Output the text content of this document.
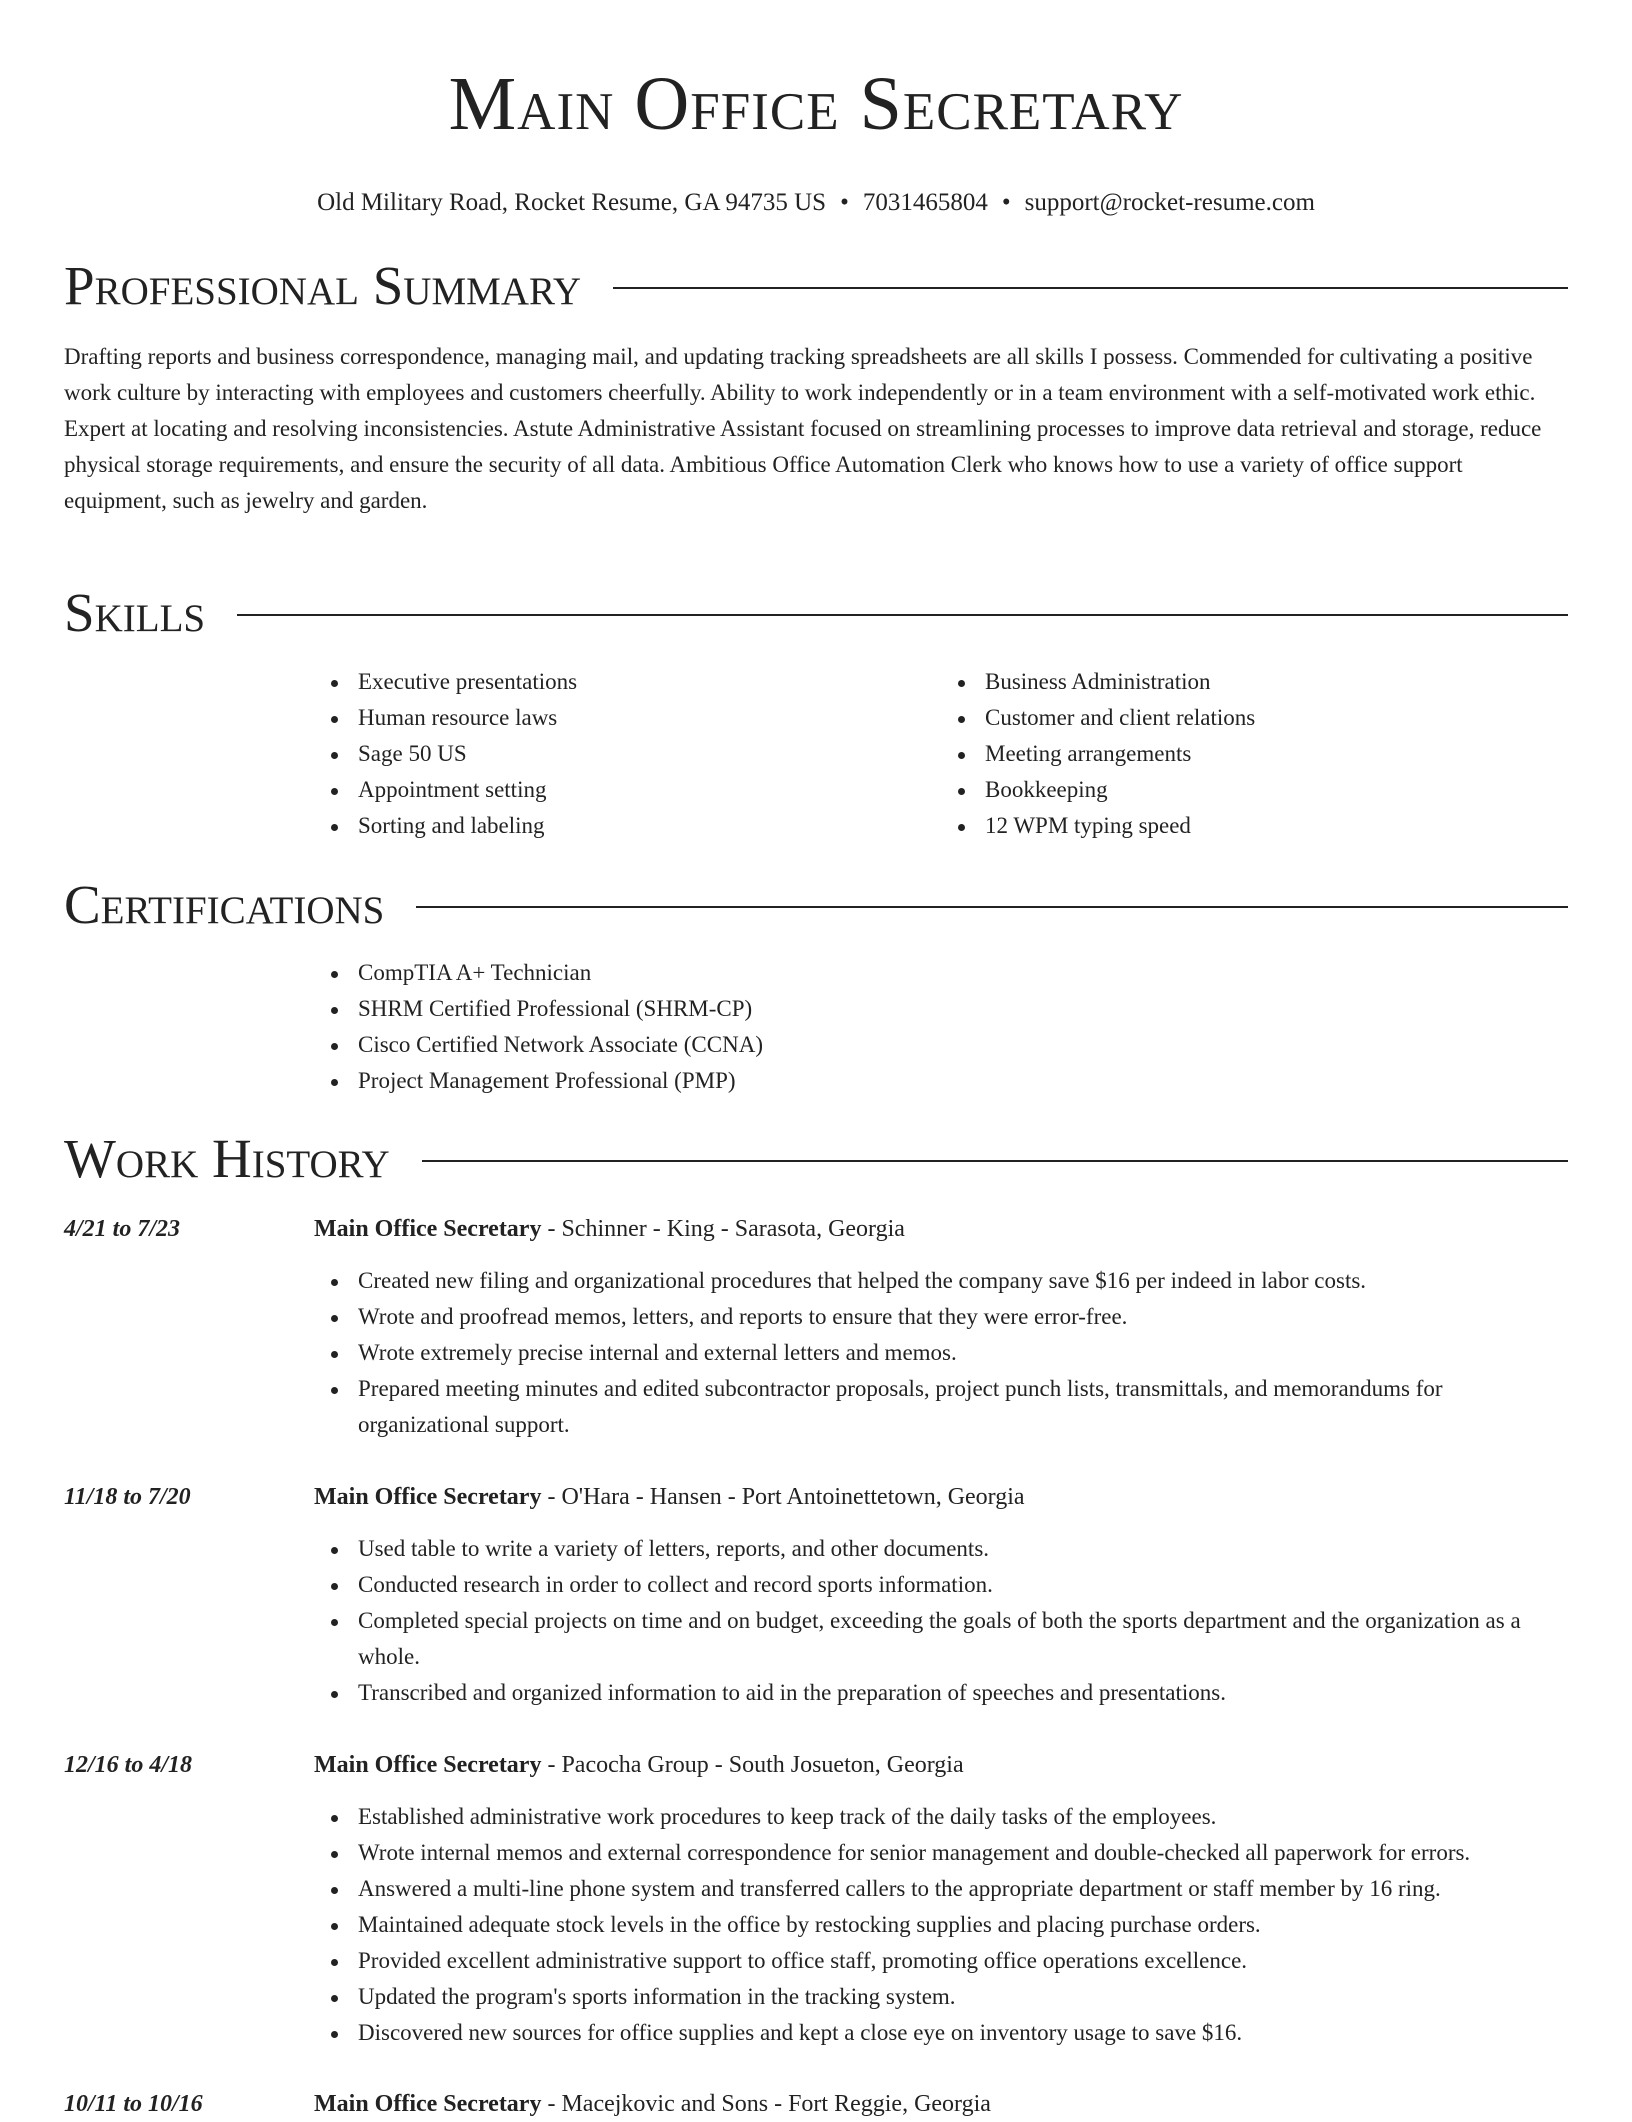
Main Office Secretary
Old Military Road, Rocket Resume, GA 94735 US • 7031465804 • support@rocket-resume.com
Professional Summary

Drafting reports and business correspondence, managing mail, and updating tracking spreadsheets are all skills I possess. Commended for cultivating a positive work culture by interacting with employees and customers cheerfully. Ability to work independently or in a team environment with a self-motivated work ethic. Expert at locating and resolving inconsistencies. Astute Administrative Assistant focused on streamlining processes to improve data retrieval and storage, reduce physical storage requirements, and ensure the security of all data. Ambitious Office Automation Clerk who knows how to use a variety of office support equipment, such as jewelry and garden.

Skills
Executive presentations
Human resource laws
Sage 50 US
Appointment setting
Sorting and labeling
Business Administration
Customer and client relations
Meeting arrangements
Bookkeeping
12 WPM typing speed
Certifications
CompTIA A+ Technician
SHRM Certified Professional (SHRM-CP)
Cisco Certified Network Associate (CCNA)
Project Management Professional (PMP)
Work History
4/21 to 7/23	Main Office Secretary - Schinner - King - Sarasota, Georgia
Created new filing and organizational procedures that helped the company save $16 per indeed in labor costs.
Wrote and proofread memos, letters, and reports to ensure that they were error-free.
Wrote extremely precise internal and external letters and memos.
Prepared meeting minutes and edited subcontractor proposals, project punch lists, transmittals, and memorandums for organizational support.
11/18 to 7/20	Main Office Secretary - O'Hara - Hansen - Port Antoinettetown, Georgia
Used table to write a variety of letters, reports, and other documents.
Conducted research in order to collect and record sports information.
Completed special projects on time and on budget, exceeding the goals of both the sports department and the organization as a whole.
Transcribed and organized information to aid in the preparation of speeches and presentations.
12/16 to 4/18	Main Office Secretary - Pacocha Group - South Josueton, Georgia
Established administrative work procedures to keep track of the daily tasks of the employees.
Wrote internal memos and external correspondence for senior management and double-checked all paperwork for errors.
Answered a multi-line phone system and transferred callers to the appropriate department or staff member by 16 ring.
Maintained adequate stock levels in the office by restocking supplies and placing purchase orders.
Provided excellent administrative support to office staff, promoting office operations excellence.
Updated the program's sports information in the tracking system.
Discovered new sources for office supplies and kept a close eye on inventory usage to save $16.
10/11 to 10/16	Main Office Secretary - Macejkovic and Sons - Fort Reggie, Georgia
